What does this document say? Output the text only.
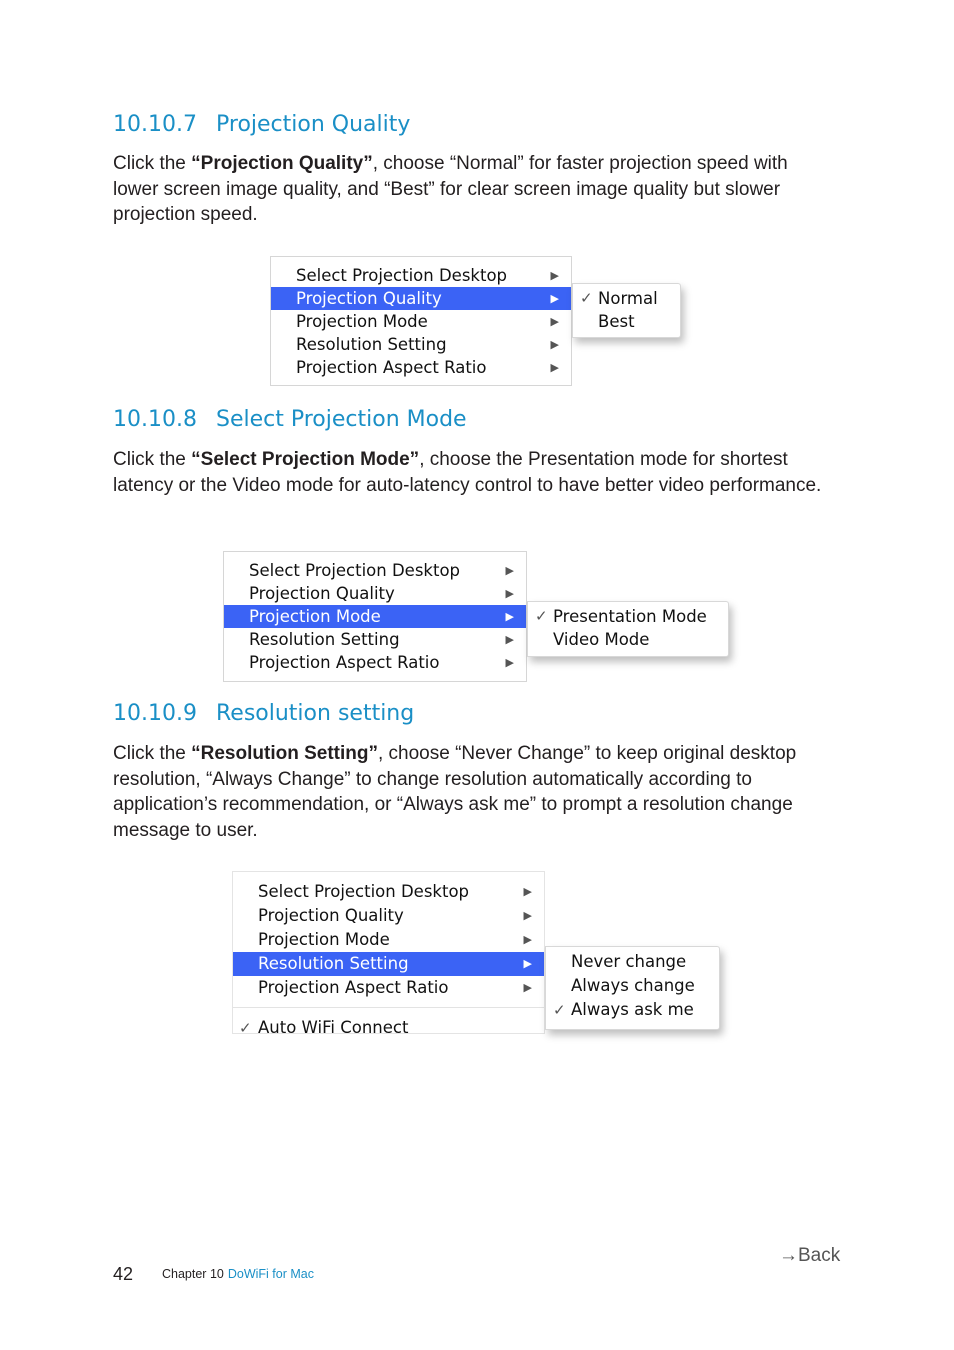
10.10.7 Projection Quality

Click the “Projection Quality”, choose “Normal” for faster projection speed with lower screen image quality, and “Best” for clear screen image quality but slower projection speed.

Select Projection Desktop	▶
Projection Quality	▶
Projection Mode	▶
Resolution Setting	▶
Projection Aspect Ratio	▶
✓ Normal
Best
10.10.8 Select Projection Mode

Click the “Select Projection Mode”, choose the Presentation mode for shortest latency or the Video mode for auto-latency control to have better video performance.

Select Projection Desktop	▶
Projection Quality	▶
Projection Mode	▶
Resolution Setting	▶
Projection Aspect Ratio	▶
✓ Presentation Mode
Video Mode
10.10.9 Resolution setting

Click the “Resolution Setting”, choose “Never Change” to keep original desktop resolution, “Always Change” to change resolution automatically according to application’s recommendation, or “Always ask me” to prompt a resolution change message to user.

Select Projection Desktop	▶
Projection Quality	▶
Projection Mode	▶
Resolution Setting	▶
Projection Aspect Ratio	▶
✓ Auto WiFi Connect
Never change
Always change
✓ Always ask me
→Back
42 Chapter 10 DoWiFi for Mac
